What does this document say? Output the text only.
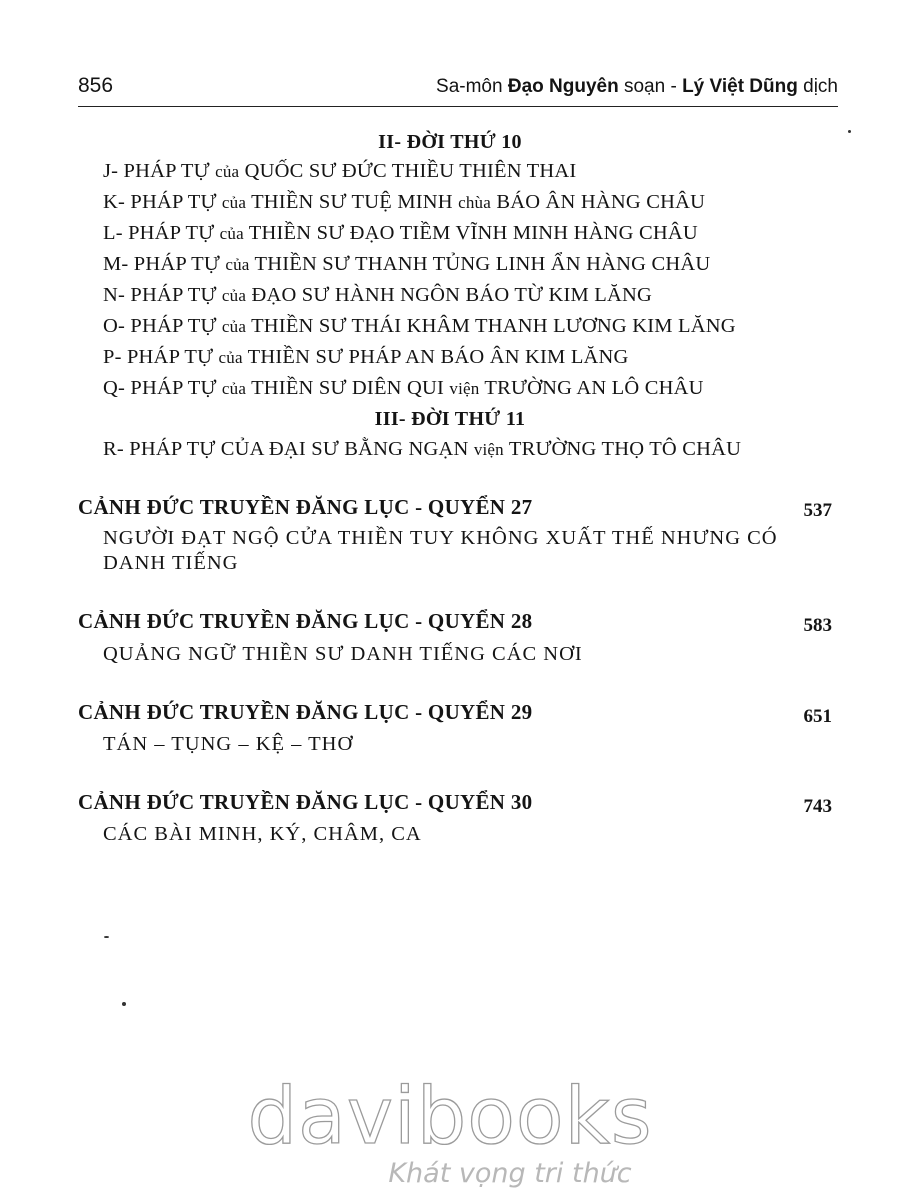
856	Sa-môn Đạo Nguyên soạn - Lý Việt Dũng dịch
II- ĐỜI THỨ 10
J- PHÁP TỰ của QUỐC SƯ ĐỨC THIỀU THIÊN THAI
K- PHÁP TỰ của THIỀN SƯ TUỆ MINH chùa BÁO ÂN HÀNG CHÂU
L- PHÁP TỰ của THIỀN SƯ ĐẠO TIỀM VĨNH MINH HÀNG CHÂU
M- PHÁP TỰ của THIỀN SƯ THANH TỦNG LINH ẨN HÀNG CHÂU
N- PHÁP TỰ của ĐẠO SƯ HÀNH NGÔN BÁO TỪ KIM LĂNG
O- PHÁP TỰ của THIỀN SƯ THÁI KHÂM THANH LƯƠNG KIM LĂNG
P- PHÁP TỰ của THIỀN SƯ PHÁP AN BÁO ÂN KIM LĂNG
Q- PHÁP TỰ của THIỀN SƯ DIÊN QUI viện TRƯỜNG AN LÔ CHÂU
III- ĐỜI THỨ 11
R- PHÁP TỰ CỦA ĐẠI SƯ BẰNG NGẠN viện TRƯỜNG THỌ TÔ CHÂU
CẢNH ĐỨC TRUYỀN ĐĂNG LỤC - QUYỂN 27	537
NGƯỜI ĐẠT NGỘ CỬA THIỀN TUY KHÔNG XUẤT THẾ NHƯNG CÓ DANH TIẾNG
CẢNH ĐỨC TRUYỀN ĐĂNG LỤC - QUYỂN 28	583
QUẢNG NGỮ THIỀN SƯ DANH TIẾNG CÁC NƠI
CẢNH ĐỨC TRUYỀN ĐĂNG LỤC - QUYỂN 29	651
TÁN – TỤNG – KỆ – THƠ
CẢNH ĐỨC TRUYỀN ĐĂNG LỤC - QUYỂN 30	743
CÁC BÀI MINH, KÝ, CHÂM, CA
davibooks
Khát vọng tri thức
